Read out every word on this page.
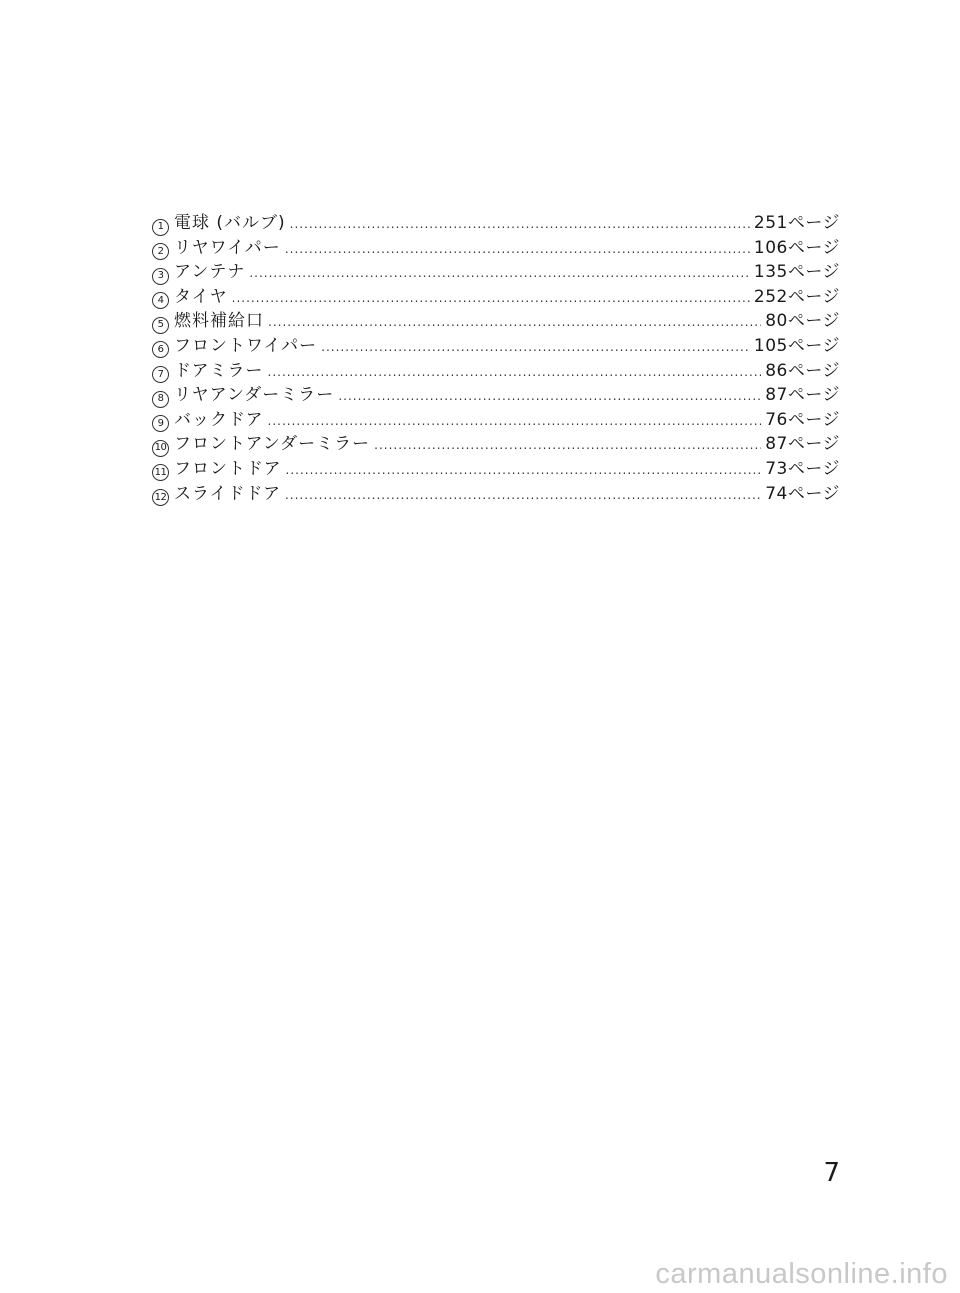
1 電球 (バルブ) .....	251ページ
2 リヤワイパー .....	106ページ
3 アンテナ .....	135ページ
4 タイヤ .....	252ページ
5 燃料補給口 .....	80ページ
6 フロントワイパー .....	105ページ
7 ドアミラー .....	86ページ
8 リヤアンダーミラー .....	87ページ
9 バックドア .....	76ページ
10 フロントアンダーミラー .....	87ページ
11 フロントドア .....	73ページ
12 スライドドア .....	74ページ
7
carmanualsonline.info
